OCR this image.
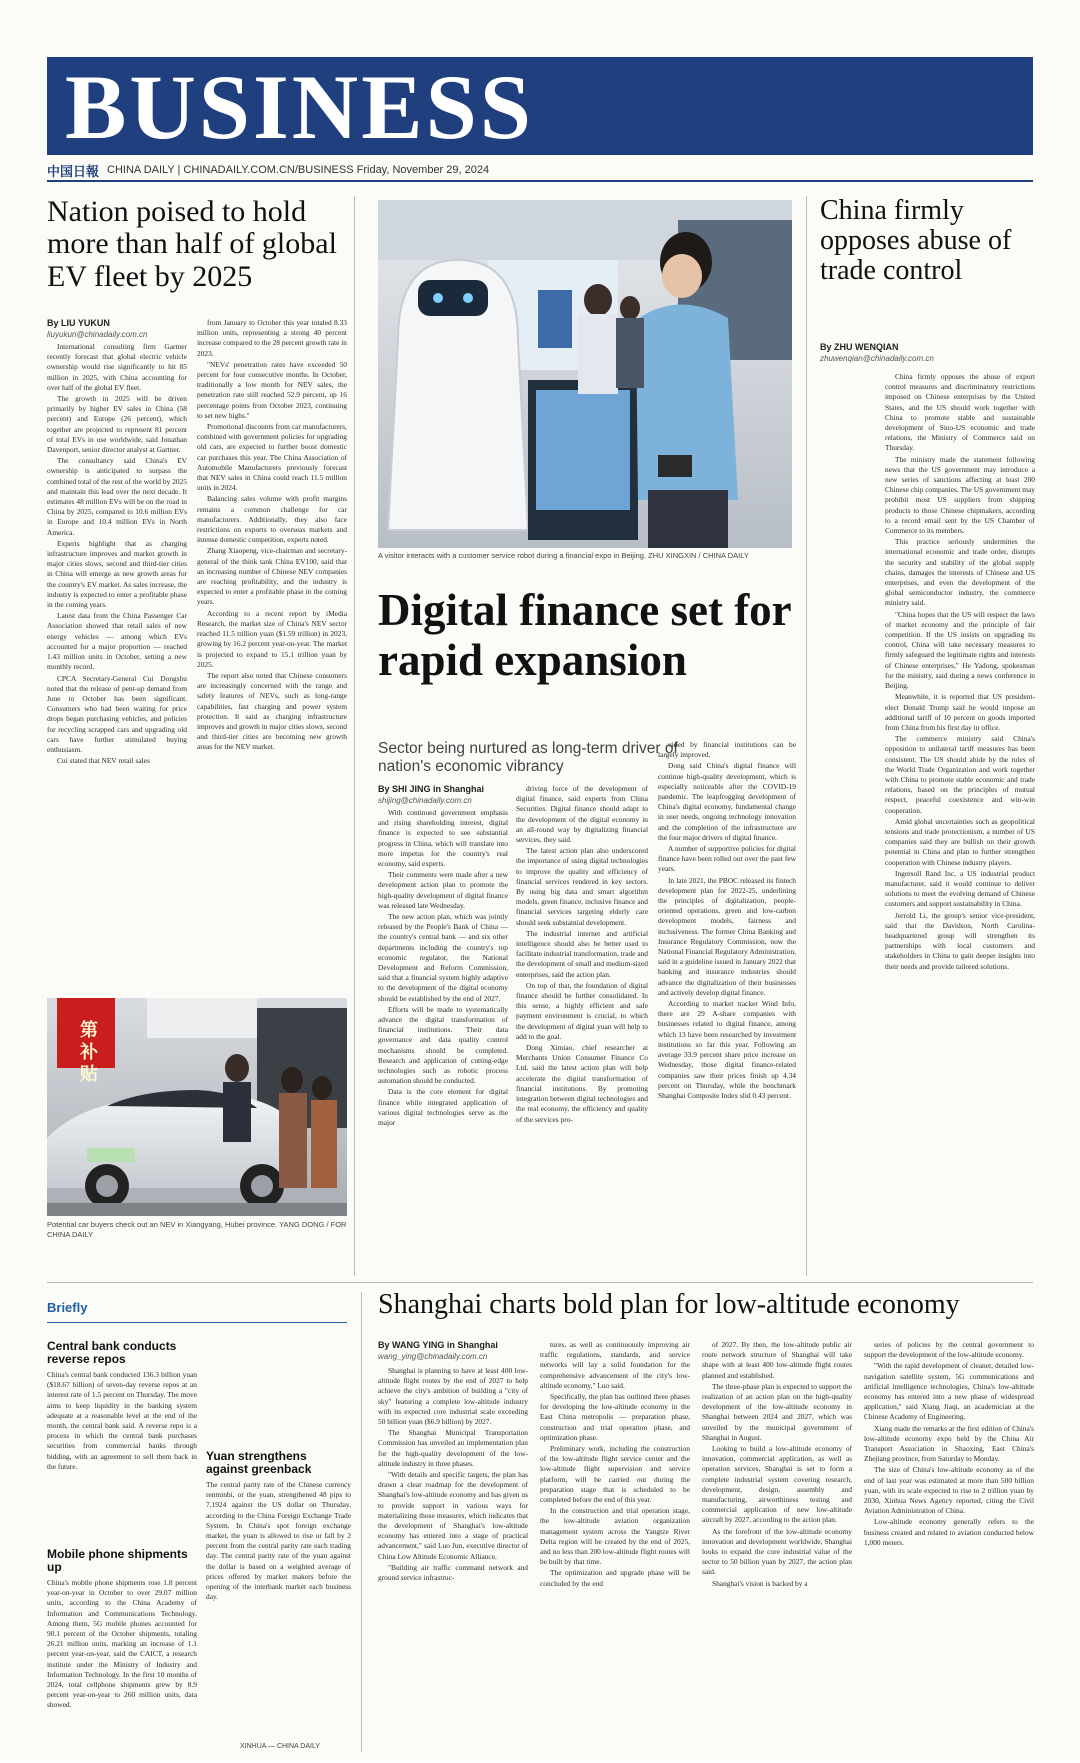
BUSINESS
中国日報 CHINA DAILY | CHINADAILY.COM.CN/BUSINESS Friday, November 29, 2024
Nation poised to hold more than half of global EV fleet by 2025
By LIU YUKUN
liuyukun@chinadaily.com.cn

International consulting firm Gartner recently forecast that global electric vehicle ownership would rise significantly to hit 85 million in 2025, with China accounting for over half of the global EV fleet.

The growth in 2025 will be driven primarily by higher EV sales in China (58 percent) and Europe (26 percent), which together are projected to represent 81 percent of total EVs in use worldwide, said Jonathan Davenport, senior director analyst at Gartner.

The consultancy said China's EV ownership is anticipated to surpass the combined total of the rest of the world by 2025 and maintain this lead over the next decade. It estimates 48 million EVs will be on the road in China by 2025, compared to 10.6 million EVs in Europe and 10.4 million EVs in North America.

Experts highlight that as charging infrastructure improves and market growth in major cities slows, second and third-tier cities in China will emerge as new growth areas for the country's EV market. As sales increase, the industry is expected to enter a profitable phase in the coming years.

Latest data from the China Passenger Car Association showed that retail sales of new energy vehicles — among which EVs accounted for a major proportion — reached 1.43 million units in October, setting a new monthly record.

CPCA Secretary-General Cui Dongshu noted that the release of pent-up demand from June to October has been significant. Consumers who had been waiting for price drops began purchasing vehicles, and policies for recycling scrapped cars and upgrading old cars have further stimulated buying enthusiasm.

Cui stated that NEV retail sales

from January to October this year totaled 8.33 million units, representing a strong 40 percent increase compared to the 28 percent growth rate in 2023.

"NEVs' penetration rates have exceeded 50 percent for four consecutive months. In October, traditionally a low month for NEV sales, the penetration rate still reached 52.9 percent, up 16 percentage points from October 2023, continuing to set new highs."

Promotional discounts from car manufacturers, combined with government policies for upgrading old cars, are expected to further boost domestic car purchases this year. The China Association of Automobile Manufacturers previously forecast that NEV sales in China could reach 11.5 million units in 2024.

Balancing sales volume with profit margins remains a common challenge for car manufacturers. Additionally, they also face restrictions on exports to overseas markets and intense domestic competition, experts noted.

Zhang Xiaopeng, vice-chairman and secretary-general of the think tank China EV100, said that an increasing number of Chinese NEV companies are reaching profitability, and the industry is expected to enter a profitable phase in the coming years.

According to a recent report by iMedia Research, the market size of China's NEV sector reached 11.5 trillion yuan ($1.59 trillion) in 2023, growing by 16.2 percent year-on-year. The market is projected to expand to 15.1 trillion yuan by 2025.

The report also noted that Chinese consumers are increasingly concerned with the range and safety features of NEVs, such as long-range capabilities, fast charging and power system protection. It said as charging infrastructure improves and growth in major cities slows, second and third-tier cities are becoming new growth areas for the NEV market.

第 补 贴
Potential car buyers check out an NEV in Xiangyang, Hubei province. YANG DONG / FOR CHINA DAILY
A visitor interacts with a customer service robot during a financial expo in Beijing. ZHU XINGXIN / CHINA DAILY
Digital finance set for rapid expansion
Sector being nurtured as long-term driver of nation's economic vibrancy
By SHI JING in Shanghai
shijing@chinadaily.com.cn

With continued government emphasis and rising shareholding interest, digital finance is expected to see substantial progress in China, which will translate into more impetus for the country's real economy, said experts.

Their comments were made after a new development action plan to promote the high-quality development of digital finance was released late Wednesday.

The new action plan, which was jointly released by the People's Bank of China — the country's central bank — and six other departments including the country's top economic regulator, the National Development and Reform Commission, said that a financial system highly adaptive to the development of the digital economy should be established by the end of 2027.

Efforts will be made to systematically advance the digital transformation of financial institutions. Their data governance and data quality control mechanisms should be completed. Research and application of cutting-edge technologies such as robotic process automation should be conducted.

Data is the core element for digital finance while integrated application of various digital technologies serve as the major

driving force of the development of digital finance, said experts from China Securities. Digital finance should adapt to the development of the digital economy in an all-round way by digitalizing financial services, they said.

The latest action plan also underscored the importance of using digital technologies to improve the quality and efficiency of financial services rendered in key sectors. By using big data and smart algorithm models, green finance, inclusive finance and financial services targeting elderly care should seek substantial development.

The industrial internet and artificial intelligence should also be better used to facilitate industrial transformation, trade and the development of small and medium-sized enterprises, said the action plan.

On top of that, the foundation of digital finance should be further consolidated. In this sense, a highly efficient and safe payment environment is crucial, to which the development of digital yuan will help to add to the goal.

Dong Ximiao, chief researcher at Merchants Union Consumer Finance Co Ltd, said the latest action plan will help accelerate the digital transformation of financial institutions. By promoting integration between digital technologies and the real economy, the efficiency and quality of the services pro-

vided by financial institutions can be largely improved.

Dong said China's digital finance will continue high-quality development, which is especially noticeable after the COVID-19 pandemic. The leapfrogging development of China's digital economy, fundamental change in user needs, ongoing technology innovation and the completion of the infrastructure are the four major drivers of digital finance.

A number of supportive policies for digital finance have been rolled out over the past few years.

In late 2021, the PBOC released its fintech development plan for 2022-25, underlining the principles of digitalization, people-oriented operations, green and low-carbon development models, fairness and inclusiveness. The former China Banking and Insurance Regulatory Commission, now the National Financial Regulatory Administration, said in a guideline issued in January 2022 that banking and insurance industries should advance the digitalization of their businesses and actively develop digital finance.

According to market tracker Wind Info, there are 29 A-share companies with businesses related to digital finance, among which 13 have been researched by investment institutions so far this year. Following an average 33.9 percent share price increase on Wednesday, those digital finance-related companies saw their prices finish up 4.34 percent on Thursday, while the benchmark Shanghai Composite Index slid 0.43 percent.

China firmly opposes abuse of trade control
By ZHU WENQIAN
zhuwenqian@chinadaily.com.cn

China firmly opposes the abuse of export control measures and discriminatory restrictions imposed on Chinese enterprises by the United States, and the US should work together with China to promote stable and sustainable development of Sino-US economic and trade relations, the Ministry of Commerce said on Thursday.

The ministry made the statement following news that the US government may introduce a new series of sanctions affecting at least 200 Chinese chip companies. The US government may prohibit most US suppliers from shipping products to those Chinese chipmakers, according to a record email sent by the US Chamber of Commerce to its members.

This practice seriously undermines the international economic and trade order, disrupts the security and stability of the global supply chains, damages the interests of Chinese and US enterprises, and even the development of the global semiconductor industry, the commerce ministry said.

"China hopes that the US will respect the laws of market economy and the principle of fair competition. If the US insists on upgrading its control, China will take necessary measures to firmly safeguard the legitimate rights and interests of Chinese enterprises," He Yadong, spokesman for the ministry, said during a news conference in Beijing.

Meanwhile, it is reported that US president-elect Donald Trump said he would impose an additional tariff of 10 percent on goods imported from China from his first day in office.

The commerce ministry said China's opposition to unilateral tariff measures has been consistent. The US should abide by the rules of the World Trade Organization and work together with China to promote stable economic and trade relations, based on the principles of mutual respect, peaceful coexistence and win-win cooperation.

Amid global uncertainties such as geopolitical tensions and trade protectionism, a number of US companies said they are bullish on their growth potential in China and plan to further strengthen cooperation with Chinese industry players.

Ingersoll Rand Inc, a US industrial product manufacturer, said it would continue to deliver solutions to meet the evolving demand of Chinese customers and support sustainability in China.

Jerrold Li, the group's senior vice-president, said that the Davidson, North Carolina-headquartered group will strengthen its partnerships with local customers and stakeholders in China to gain deeper insights into their needs and provide tailored solutions.

Briefly
Central bank conducts reverse repos
China's central bank conducted 136.3 billion yuan ($18.67 billion) of seven-day reverse repos at an interest rate of 1.5 percent on Thursday. The move aims to keep liquidity in the banking system adequate at a reasonable level at the end of the month, the central bank said. A reverse repo is a process in which the central bank purchases securities from commercial banks through bidding, with an agreement to sell them back in the future.
Mobile phone shipments up
China's mobile phone shipments rose 1.8 percent year-on-year in October to over 29.07 million units, according to the China Academy of Information and Communications Technology. Among them, 5G mobile phones accounted for 90.1 percent of the October shipments, totaling 26.21 million units, marking an increase of 1.1 percent year-on-year, said the CAICT, a research institute under the Ministry of Industry and Information Technology. In the first 10 months of 2024, total cellphone shipments grew by 8.9 percent year-on-year to 260 million units, data showed.
Yuan strengthens against greenback
The central parity rate of the Chinese currency renminbi, or the yuan, strengthened 48 pips to 7.1924 against the US dollar on Thursday, according to the China Foreign Exchange Trade System. In China's spot foreign exchange market, the yuan is allowed to rise or fall by 2 percent from the central parity rate each trading day. The central parity rate of the yuan against the dollar is based on a weighted average of prices offered by market makers before the opening of the interbank market each business day.
XINHUA — CHINA DAILY
Shanghai charts bold plan for low-altitude economy
By WANG YING in Shanghai
wang_ying@chinadaily.com.cn

Shanghai is planning to have at least 400 low-altitude flight routes by the end of 2027 to help achieve the city's ambition of building a "city of sky" featuring a complete low-altitude industry with its expected core industrial scale exceeding 50 billion yuan ($6.9 billion) by 2027.

The Shanghai Municipal Transportation Commission has unveiled an implementation plan for the high-quality development of the low-altitude industry in three phases.

"With details and specific targets, the plan has drawn a clear roadmap for the development of Shanghai's low-altitude economy and has given us to provide support in various ways for materializing those measures, which indicates that the development of Shanghai's low-altitude economy has entered into a stage of practical advancement," said Luo Jun, executive director of China Low Altitude Economic Alliance.

"Building air traffic command network and ground service infrastruc-

tures, as well as continuously improving air traffic regulations, standards, and service networks will lay a solid foundation for the comprehensive advancement of the city's low-altitude economy," Luo said.

Specifically, the plan has outlined three phases for developing the low-altitude economy in the East China metropolis — preparation phase, construction and trial operation phase, and optimization phase.

Preliminary work, including the construction of the low-altitude flight service center and the low-altitude flight supervision and service platform, will be carried out during the preparation stage that is scheduled to be completed before the end of this year.

In the construction and trial operation stage, the low-altitude aviation organization management system across the Yangtze River Delta region will be created by the end of 2025, and no less than 200 low-altitude flight routes will be built by that time.

The optimization and upgrade phase will be concluded by the end

of 2027. By then, the low-altitude public air route network structure of Shanghai will take shape with at least 400 low-altitude flight routes planned and established.

The three-phase plan is expected to support the realization of an action plan on the high-quality development of the low-altitude economy in Shanghai between 2024 and 2027, which was unveiled by the municipal government of Shanghai in August.

Looking to build a low-altitude economy of innovation, commercial application, as well as operation services, Shanghai is set to form a complete industrial system covering research, development, design, assembly and manufacturing, airworthiness testing and commercial application of new low-altitude aircraft by 2027, according to the action plan.

As the forefront of the low-altitude economy innovation and development worldwide, Shanghai looks to expand the core industrial value of the sector to 50 billion yuan by 2027, the action plan said.

Shanghai's vision is backed by a

series of policies by the central government to support the development of the low-altitude economy.

"With the rapid development of cleaner, detailed low-navigation satellite system, 5G communications and artificial intelligence technologies, China's low-altitude economy has entered into a new phase of widespread application," said Xiang Jiaqi, an academician at the Chinese Academy of Engineering.

Xiang made the remarks at the first edition of China's low-altitude economy expo held by the China Air Transport Association in Shaoxing, East China's Zhejiang province, from Saturday to Monday.

The size of China's low-altitude economy as of the end of last year was estimated at more than 500 billion yuan, with its scale expected to rise to 2 trillion yuan by 2030, Xinhua News Agency reported, citing the Civil Aviation Administration of China.

Low-altitude economy generally refers to the business created and related to aviation conducted below 1,000 meters.
